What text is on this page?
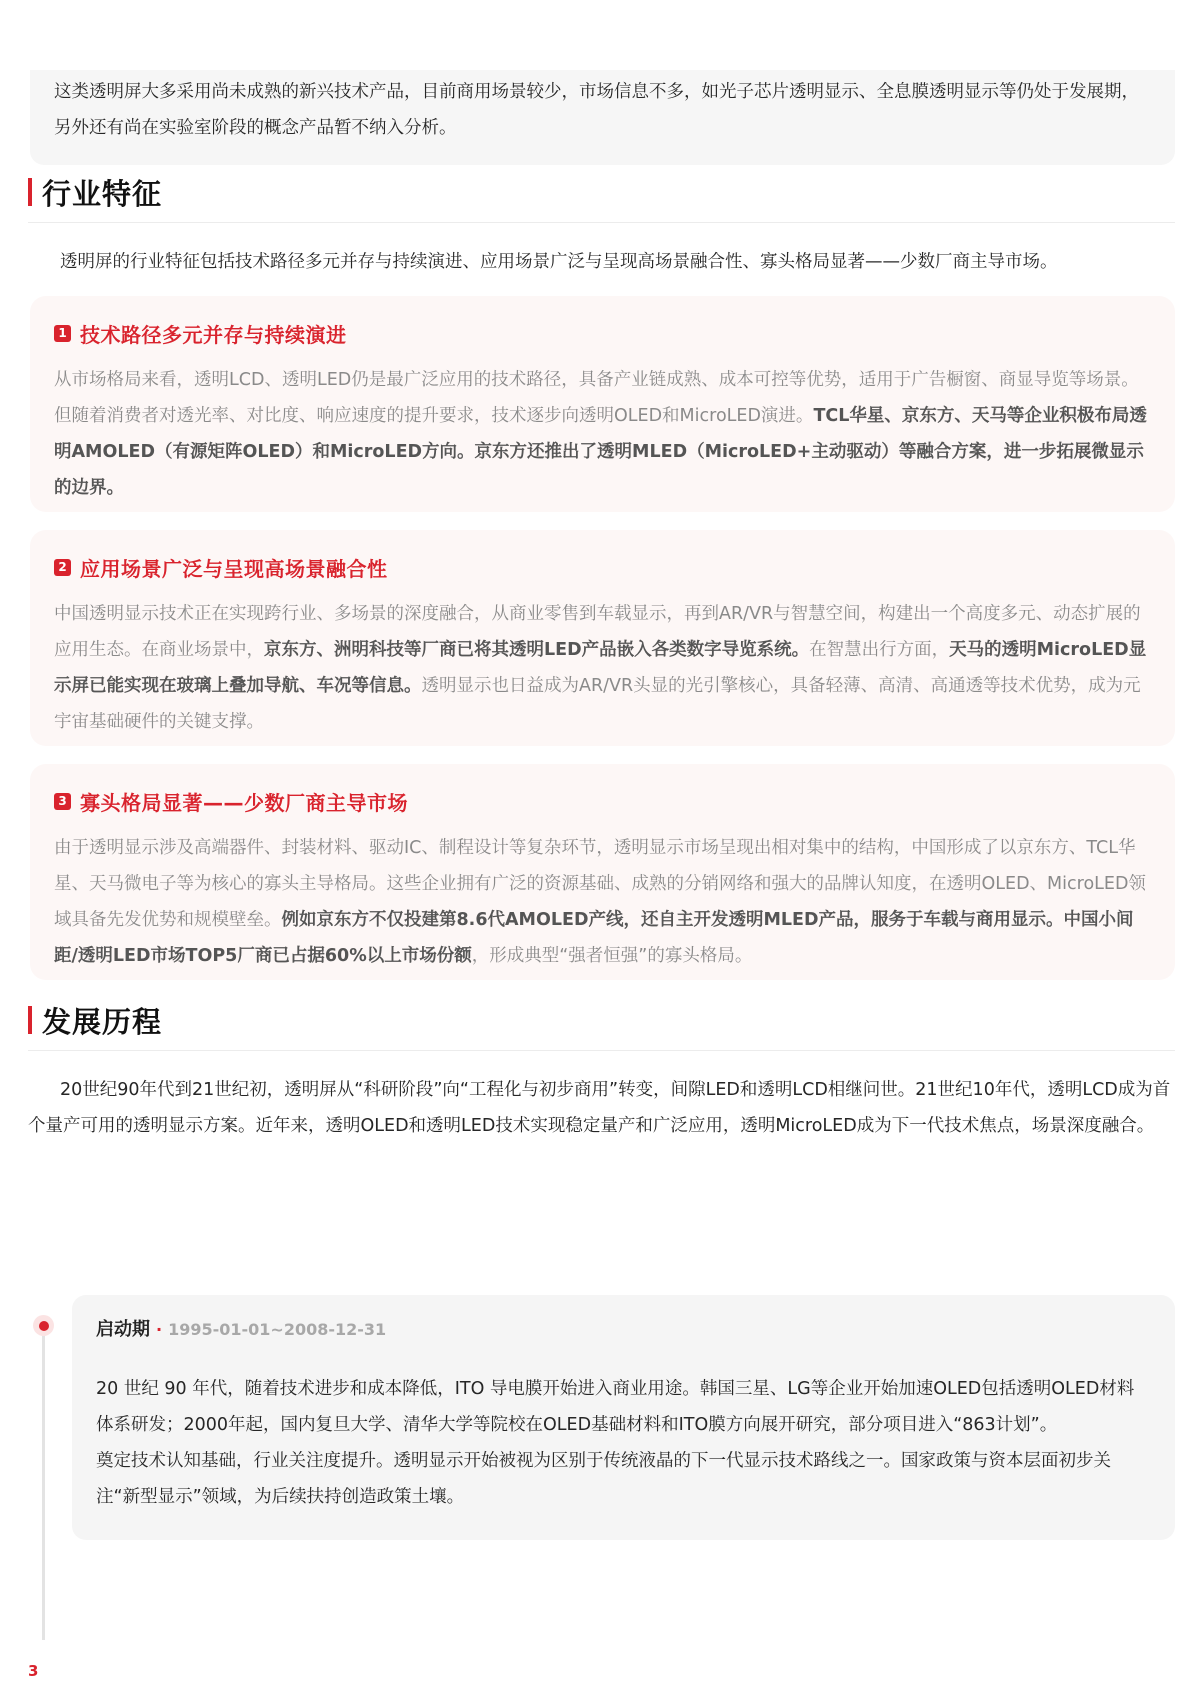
这类透明屏大多采用尚未成熟的新兴技术产品，目前商用场景较少，市场信息不多，如光子芯片透明显示、全息膜透明显示等仍处于发展期，另外还有尚在实验室阶段的概念产品暂不纳入分析。

行业特征

透明屏的行业特征包括技术路径多元并存与持续演进、应用场景广泛与呈现高场景融合性、寡头格局显著——少数厂商主导市场。

1 技术路径多元并存与持续演进

从市场格局来看，透明LCD、透明LED仍是最广泛应用的技术路径，具备产业链成熟、成本可控等优势，适用于广告橱窗、商显导览等场景。但随着消费者对透光率、对比度、响应速度的提升要求，技术逐步向透明OLED和MicroLED演进。TCL华星、京东方、天马等企业积极布局透明AMOLED（有源矩阵OLED）和MicroLED方向。京东方还推出了透明MLED（MicroLED+主动驱动）等融合方案，进一步拓展微显示的边界。

2 应用场景广泛与呈现高场景融合性

中国透明显示技术正在实现跨行业、多场景的深度融合，从商业零售到车载显示，再到AR/VR与智慧空间，构建出一个高度多元、动态扩展的应用生态。在商业场景中，京东方、洲明科技等厂商已将其透明LED产品嵌入各类数字导览系统。在智慧出行方面，天马的透明MicroLED显示屏已能实现在玻璃上叠加导航、车况等信息。透明显示也日益成为AR/VR头显的光引擎核心，具备轻薄、高清、高通透等技术优势，成为元宇宙基础硬件的关键支撑。

3 寡头格局显著——少数厂商主导市场

由于透明显示涉及高端器件、封装材料、驱动IC、制程设计等复杂环节，透明显示市场呈现出相对集中的结构，中国形成了以京东方、TCL华星、天马微电子等为核心的寡头主导格局。这些企业拥有广泛的资源基础、成熟的分销网络和强大的品牌认知度，在透明OLED、MicroLED领域具备先发优势和规模壁垒。例如京东方不仅投建第8.6代AMOLED产线，还自主开发透明MLED产品，服务于车载与商用显示。中国小间距/透明LED市场TOP5厂商已占据60%以上市场份额，形成典型“强者恒强”的寡头格局。

发展历程

20世纪90年代到21世纪初，透明屏从“科研阶段”向“工程化与初步商用”转变，间隙LED和透明LCD相继问世。21世纪10年代，透明LCD成为首个量产可用的透明显示方案。近年来，透明OLED和透明LED技术实现稳定量产和广泛应用，透明MicroLED成为下一代技术焦点，场景深度融合。

启动期 · 1995-01-01~2008-12-31

20 世纪 90 年代，随着技术进步和成本降低，ITO 导电膜开始进入商业用途。韩国三星、LG等企业开始加速OLED包括透明OLED材料体系研发；2000年起，国内复旦大学、清华大学等院校在OLED基础材料和ITO膜方向展开研究，部分项目进入“863计划”。

奠定技术认知基础，行业关注度提升。透明显示开始被视为区别于传统液晶的下一代显示技术路线之一。国家政策与资本层面初步关注“新型显示”领域，为后续扶持创造政策土壤。

3
